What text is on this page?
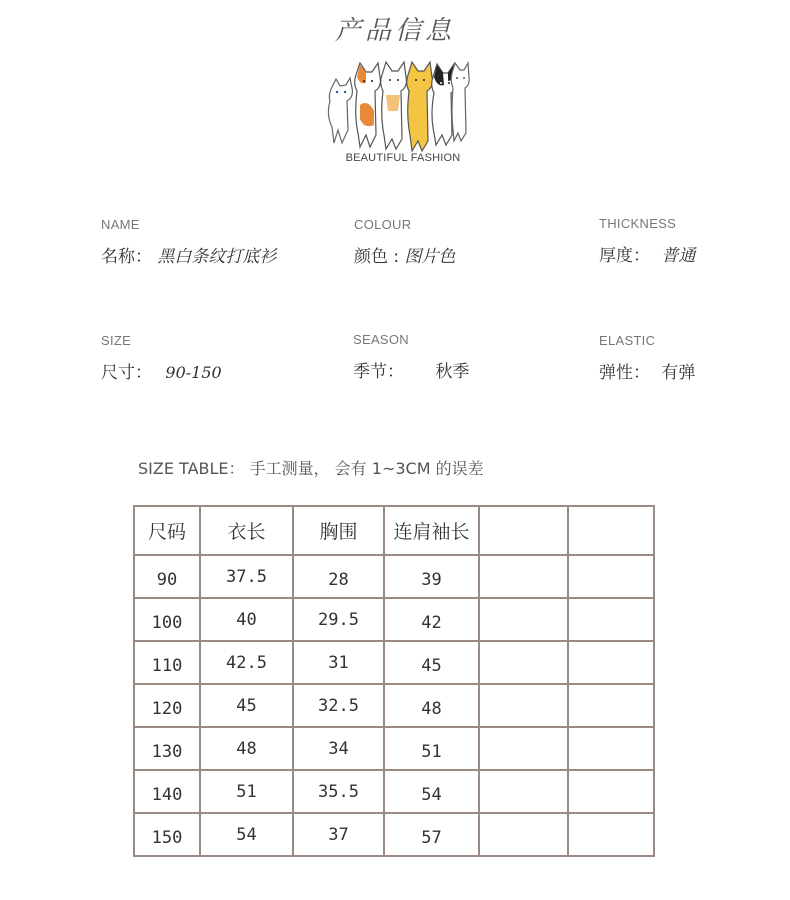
产品信息
BEAUTIFUL FASHION
NAME
名称： 黑白条纹打底衫
COLOUR
颜色 : 图片色
THICKNESS
厚度： 普通
SIZE
尺寸： 90-150
SEASON
季节： 秋季
ELASTIC
弹性： 有弹
SIZE TABLE： 手工测量， 会有 1~3CM 的误差
尺码	衣长	胸围	连肩袖长		
90	37.5	28	39		
100	40	29.5	42		
110	42.5	31	45		
120	45	32.5	48		
130	48	34	51		
140	51	35.5	54		
150	54	37	57		
